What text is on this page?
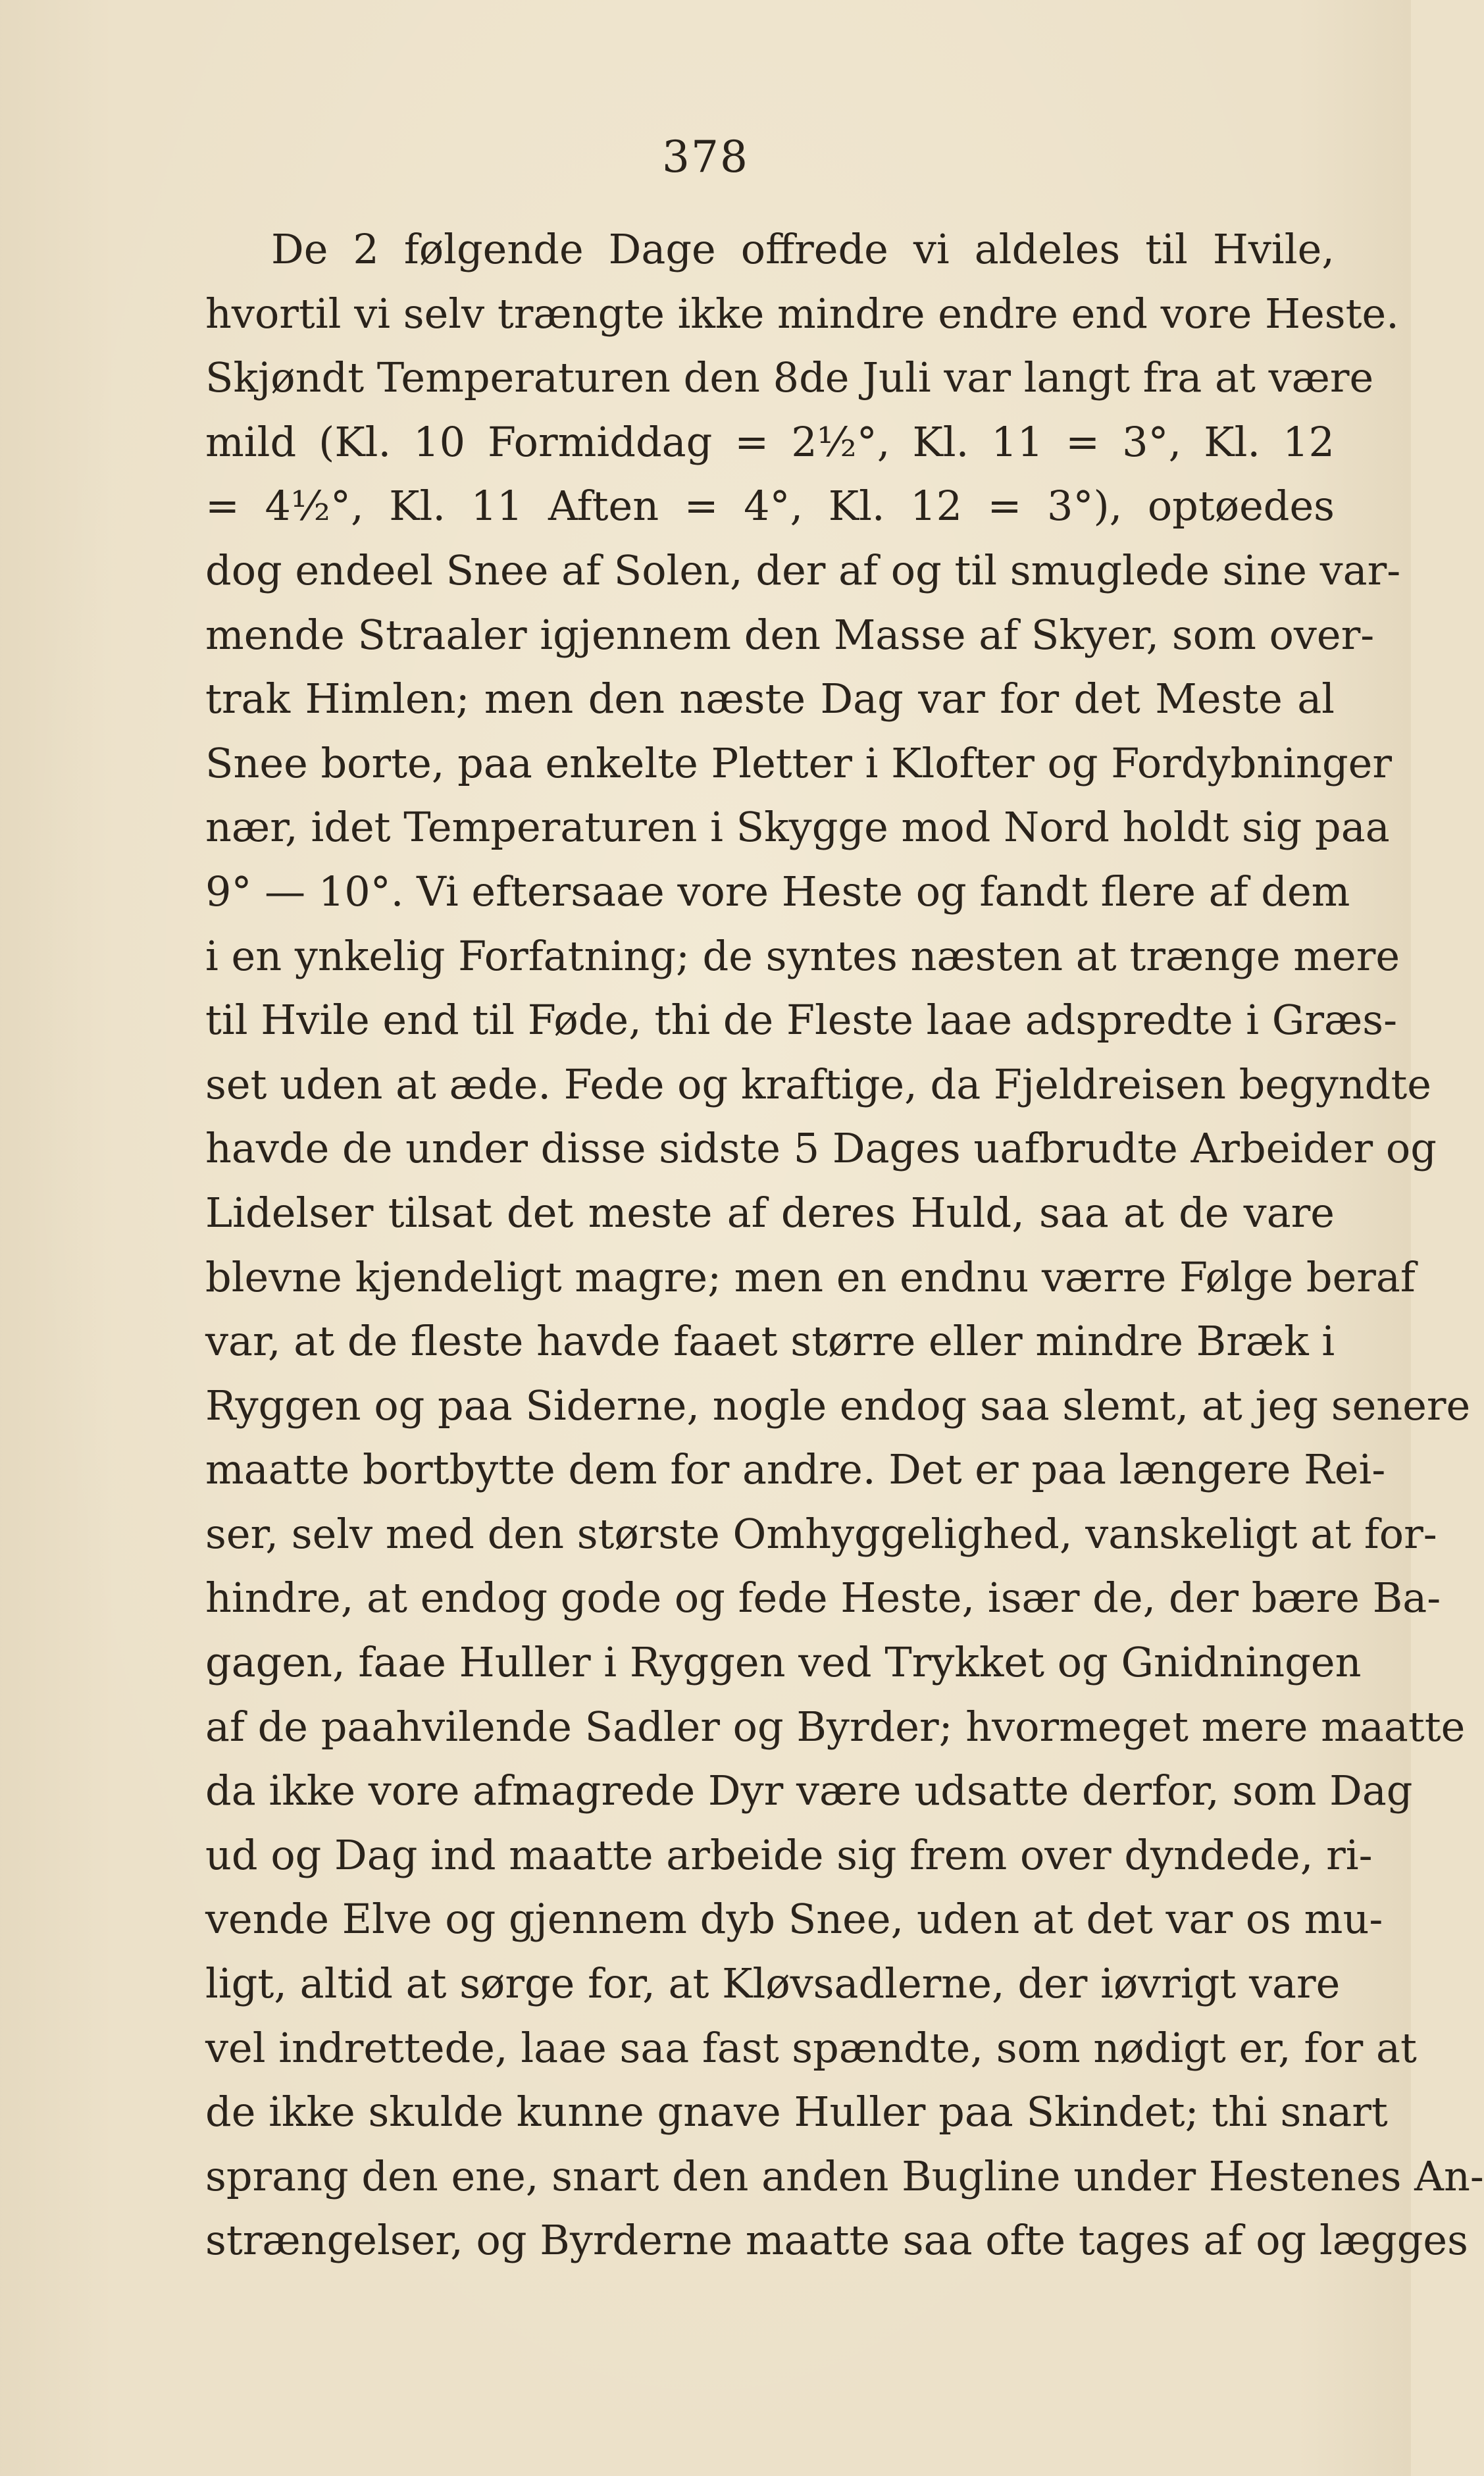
378
De 2 følgende Dage offrede vi aldeles til Hvile,
hvortil vi selv trængte ikke mindre endre end vore Heste.
Skjøndt Temperaturen den 8de Juli var langt fra at være
mild (Kl. 10 Formiddag = 2½°, Kl. 11 = 3°, Kl. 12
= 4½°, Kl. 11 Aften = 4°, Kl. 12 = 3°), optøedes
dog endeel Snee af Solen, der af og til smuglede sine var-
mende Straaler igjennem den Masse af Skyer, som over-
trak Himlen; men den næste Dag var for det Meste al
Snee borte, paa enkelte Pletter i Klofter og Fordybninger
nær, idet Temperaturen i Skygge mod Nord holdt sig paa
9° — 10°. Vi eftersaae vore Heste og fandt flere af dem
i en ynkelig Forfatning; de syntes næsten at trænge mere
til Hvile end til Føde, thi de Fleste laae adspredte i Græs-
set uden at æde. Fede og kraftige, da Fjeldreisen begyndte
havde de under disse sidste 5 Dages uafbrudte Arbeider og
Lidelser tilsat det meste af deres Huld, saa at de vare
blevne kjendeligt magre; men en endnu værre Følge beraf
var, at de fleste havde faaet større eller mindre Bræk i
Ryggen og paa Siderne, nogle endog saa slemt, at jeg senere
maatte bortbytte dem for andre. Det er paa længere Rei-
ser, selv med den største Omhyggelighed, vanskeligt at for-
hindre, at endog gode og fede Heste, især de, der bære Ba-
gagen, faae Huller i Ryggen ved Trykket og Gnidningen
af de paahvilende Sadler og Byrder; hvormeget mere maatte
da ikke vore afmagrede Dyr være udsatte derfor, som Dag
ud og Dag ind maatte arbeide sig frem over dyndede, ri-
vende Elve og gjennem dyb Snee, uden at det var os mu-
ligt, altid at sørge for, at Kløvsadlerne, der iøvrigt vare
vel indrettede, laae saa fast spændte, som nødigt er, for at
de ikke skulde kunne gnave Huller paa Skindet; thi snart
sprang den ene, snart den anden Bugline under Hestenes An-
strængelser, og Byrderne maatte saa ofte tages af og lægges
